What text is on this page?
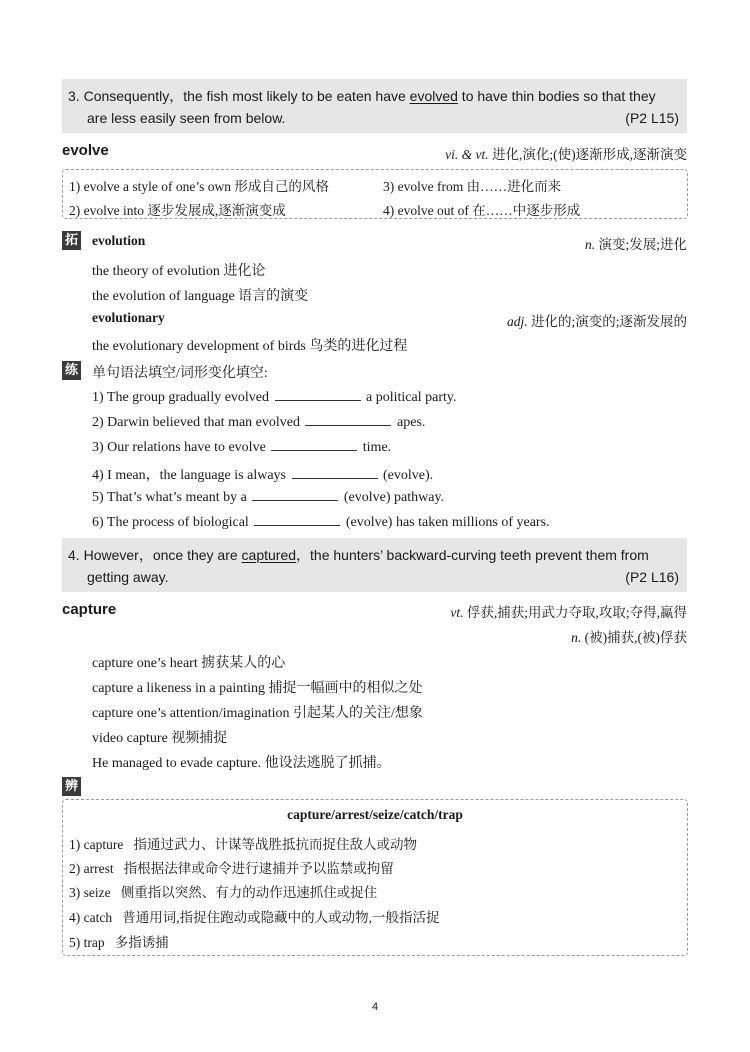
3. Consequently，the fish most likely to be eaten have evolved to have thin bodies so that they
are less easily seen from below.	(P2 L15)
evolve	vi. & vt. 进化,演化;(使)逐渐形成,逐渐演变
1) evolve a style of one’s own 形成自己的风格	3) evolve from 由……进化而来
2) evolve into 逐步发展成,逐渐演变成	4) evolve out of 在……中逐步形成
拓 evolution	n. 演变;发展;进化
the theory of evolution 进化论
the evolution of language 语言的演变
evolutionary	adj. 进化的;演变的;逐渐发展的
the evolutionary development of birds 鸟类的进化过程
练 单句语法填空/词形变化填空:
1) The group gradually evolved	a political party.
2) Darwin believed that man evolved	apes.
3) Our relations have to evolve	time.
4) I mean，the language is always	(evolve).
5) That’s what’s meant by a	(evolve) pathway.
6) The process of biological	(evolve) has taken millions of years.
4. However，once they are captured，the hunters’ backward-curving teeth prevent them from
getting away.	(P2 L16)
capture	vt. 俘获,捕获;用武力夺取,攻取;夺得,赢得
n. (被)捕获,(被)俘获
capture one’s heart 掳获某人的心
capture a likeness in a painting 捕捉一幅画中的相似之处
capture one’s attention/imagination 引起某人的关注/想象
video capture 视频捕捉
He managed to evade capture. 他设法逃脱了抓捕。
辨
capture/arrest/seize/catch/trap
1) capture 指通过武力、计谋等战胜抵抗而捉住敌人或动物
2) arrest 指根据法律或命令进行逮捕并予以监禁或拘留
3) seize 侧重指以突然、有力的动作迅速抓住或捉住
4) catch 普通用词,指捉住跑动或隐藏中的人或动物,一般指活捉
5) trap 多指诱捕
4
